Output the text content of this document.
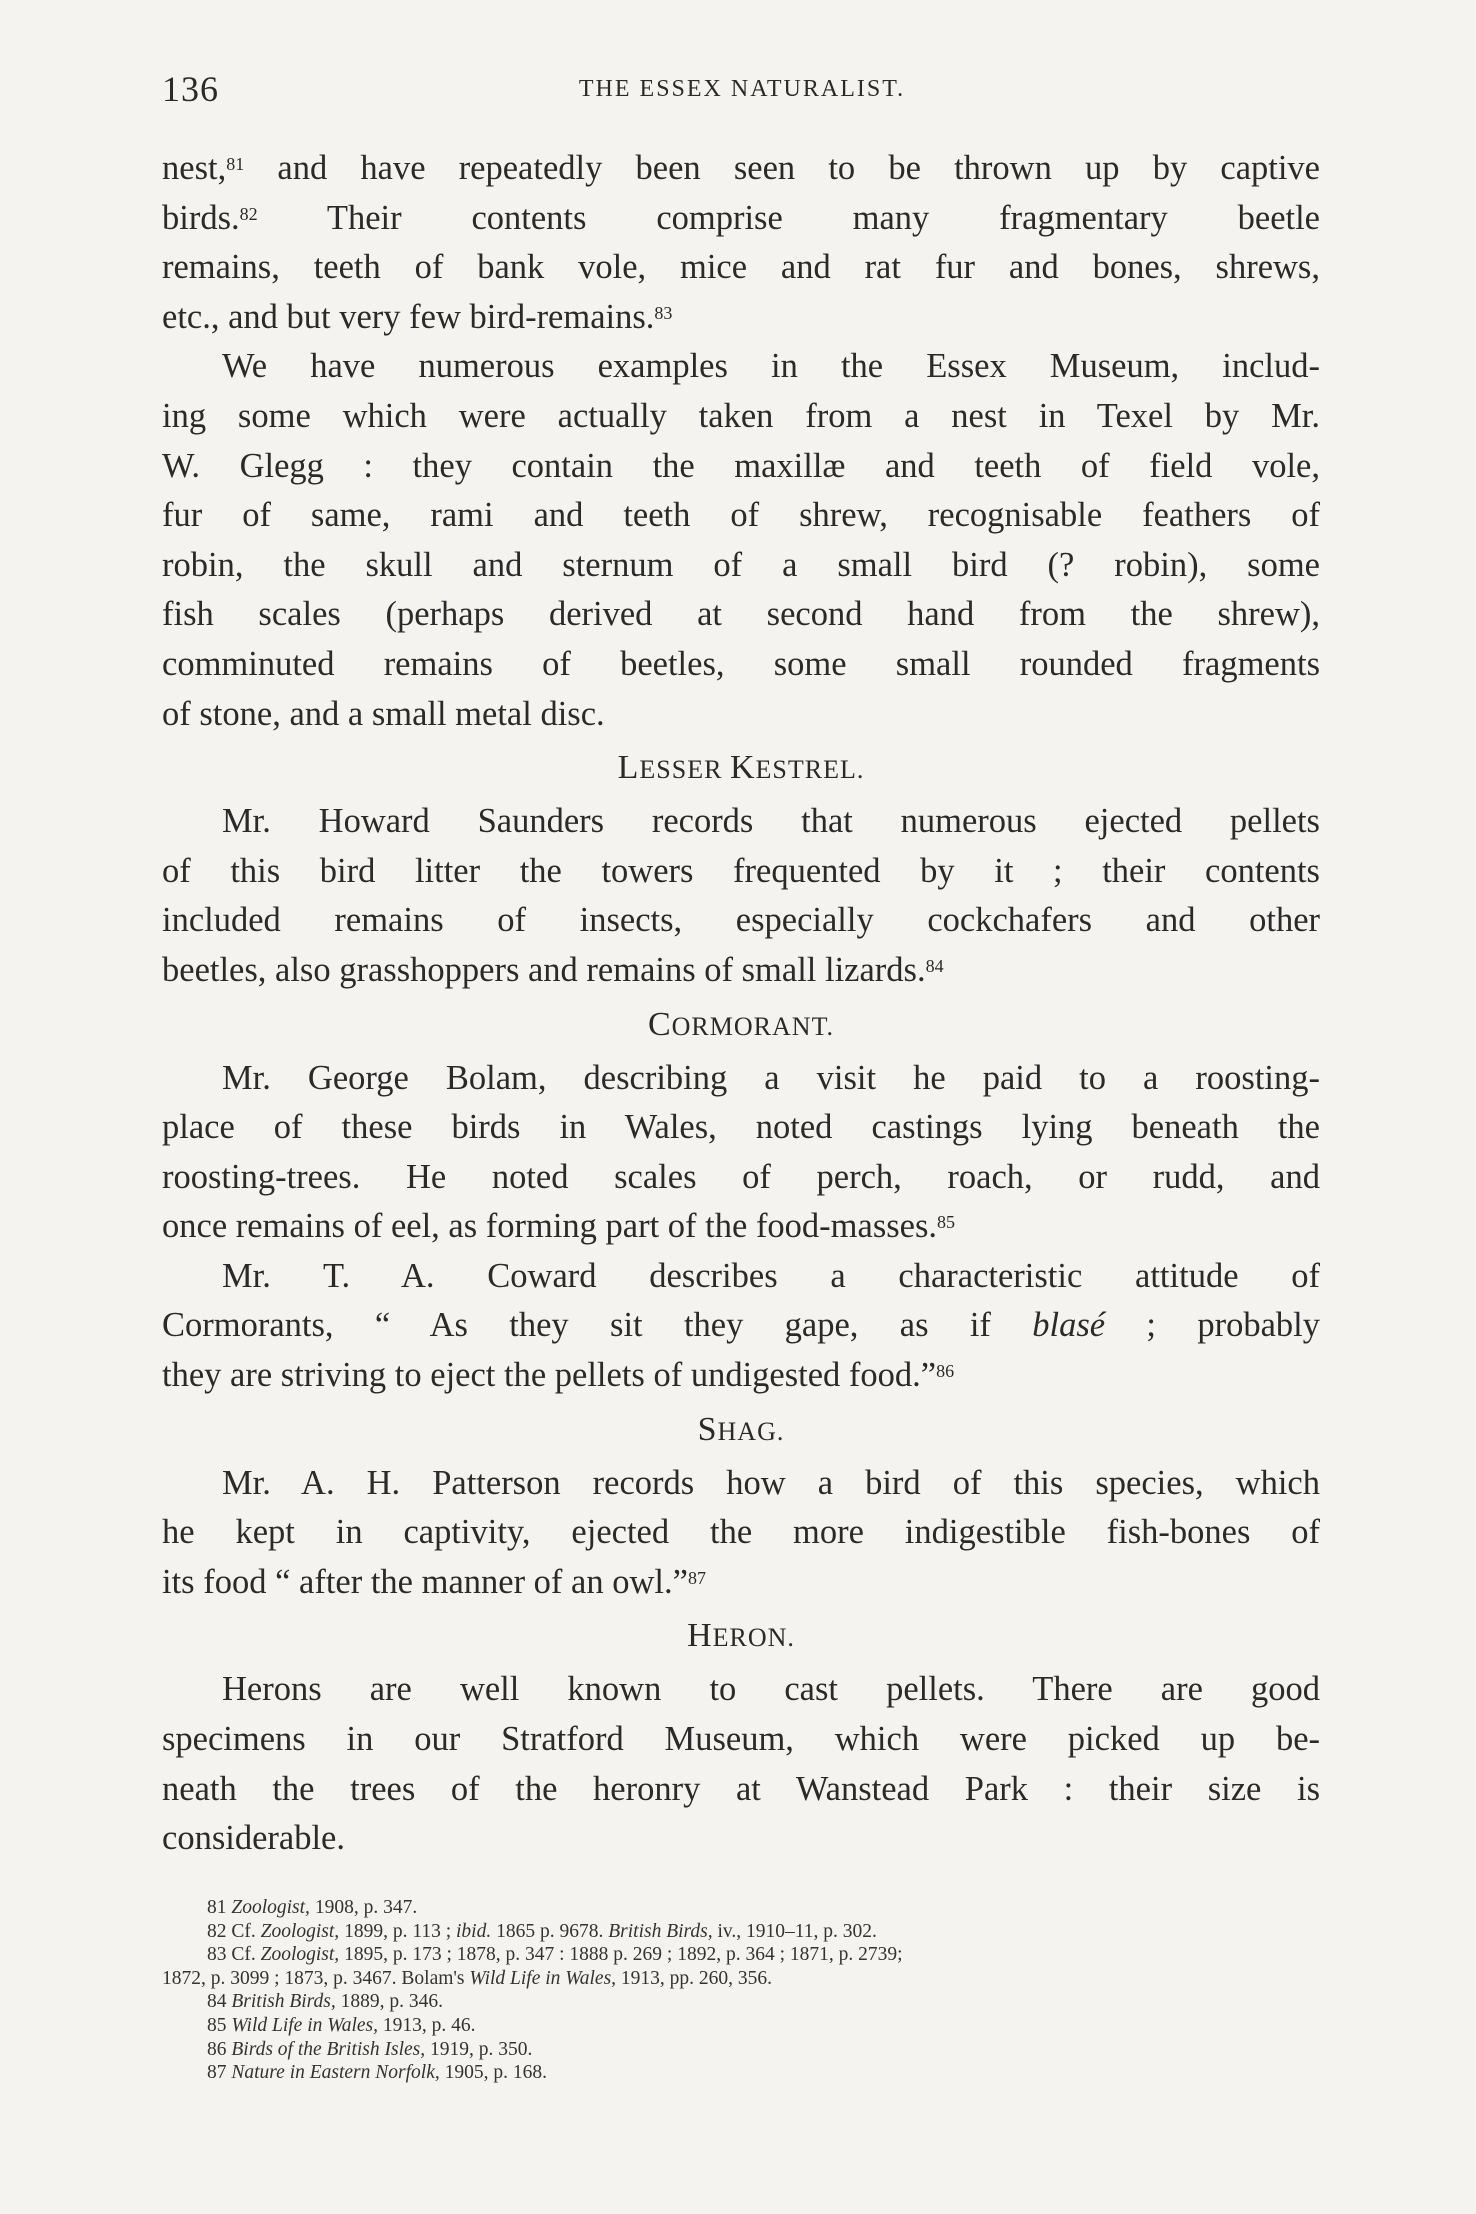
136	THE ESSEX NATURALIST.
nest,$^{81}$ and have repeatedly been seen to be thrown up by captive
birds.$^{82}$ Their contents comprise many fragmentary beetle
remains, teeth of bank vole, mice and rat fur and bones, shrews,
etc., and but very few bird-remains.$^{83}$
We have numerous examples in the Essex Museum, includ-
ing some which were actually taken from a nest in Texel by Mr.
W. Glegg : they contain the maxillæ and teeth of field vole,
fur of same, rami and teeth of shrew, recognisable feathers of
robin, the skull and sternum of a small bird (? robin), some
fish scales (perhaps derived at second hand from the shrew),
comminuted remains of beetles, some small rounded fragments
of stone, and a small metal disc.
LESSER KESTREL.
Mr. Howard Saunders records that numerous ejected pellets
of this bird litter the towers frequented by it ; their contents
included remains of insects, especially cockchafers and other
beetles, also grasshoppers and remains of small lizards.$^{84}$
CORMORANT.
Mr. George Bolam, describing a visit he paid to a roosting-
place of these birds in Wales, noted castings lying beneath the
roosting-trees. He noted scales of perch, roach, or rudd, and
once remains of eel, as forming part of the food-masses.$^{85}$
Mr. T. A. Coward describes a characteristic attitude of
Cormorants, “ As they sit they gape, as if blasé ; probably
they are striving to eject the pellets of undigested food.”$^{86}$
SHAG.
Mr. A. H. Patterson records how a bird of this species, which
he kept in captivity, ejected the more indigestible fish-bones of
its food “ after the manner of an owl.”$^{87}$
HERON.
Herons are well known to cast pellets. There are good
specimens in our Stratford Museum, which were picked up be-
neath the trees of the heronry at Wanstead Park : their size is
considerable.
81 Zoologist, 1908, p. 347.
82 Cf. Zoologist, 1899, p. 113 ; ibid. 1865 p. 9678. British Birds, iv., 1910–11, p. 302.
83 Cf. Zoologist, 1895, p. 173 ; 1878, p. 347 : 1888 p. 269 ; 1892, p. 364 ; 1871, p. 2739;
1872, p. 3099 ; 1873, p. 3467. Bolam's Wild Life in Wales, 1913, pp. 260, 356.
84 British Birds, 1889, p. 346.
85 Wild Life in Wales, 1913, p. 46.
86 Birds of the British Isles, 1919, p. 350.
87 Nature in Eastern Norfolk, 1905, p. 168.
